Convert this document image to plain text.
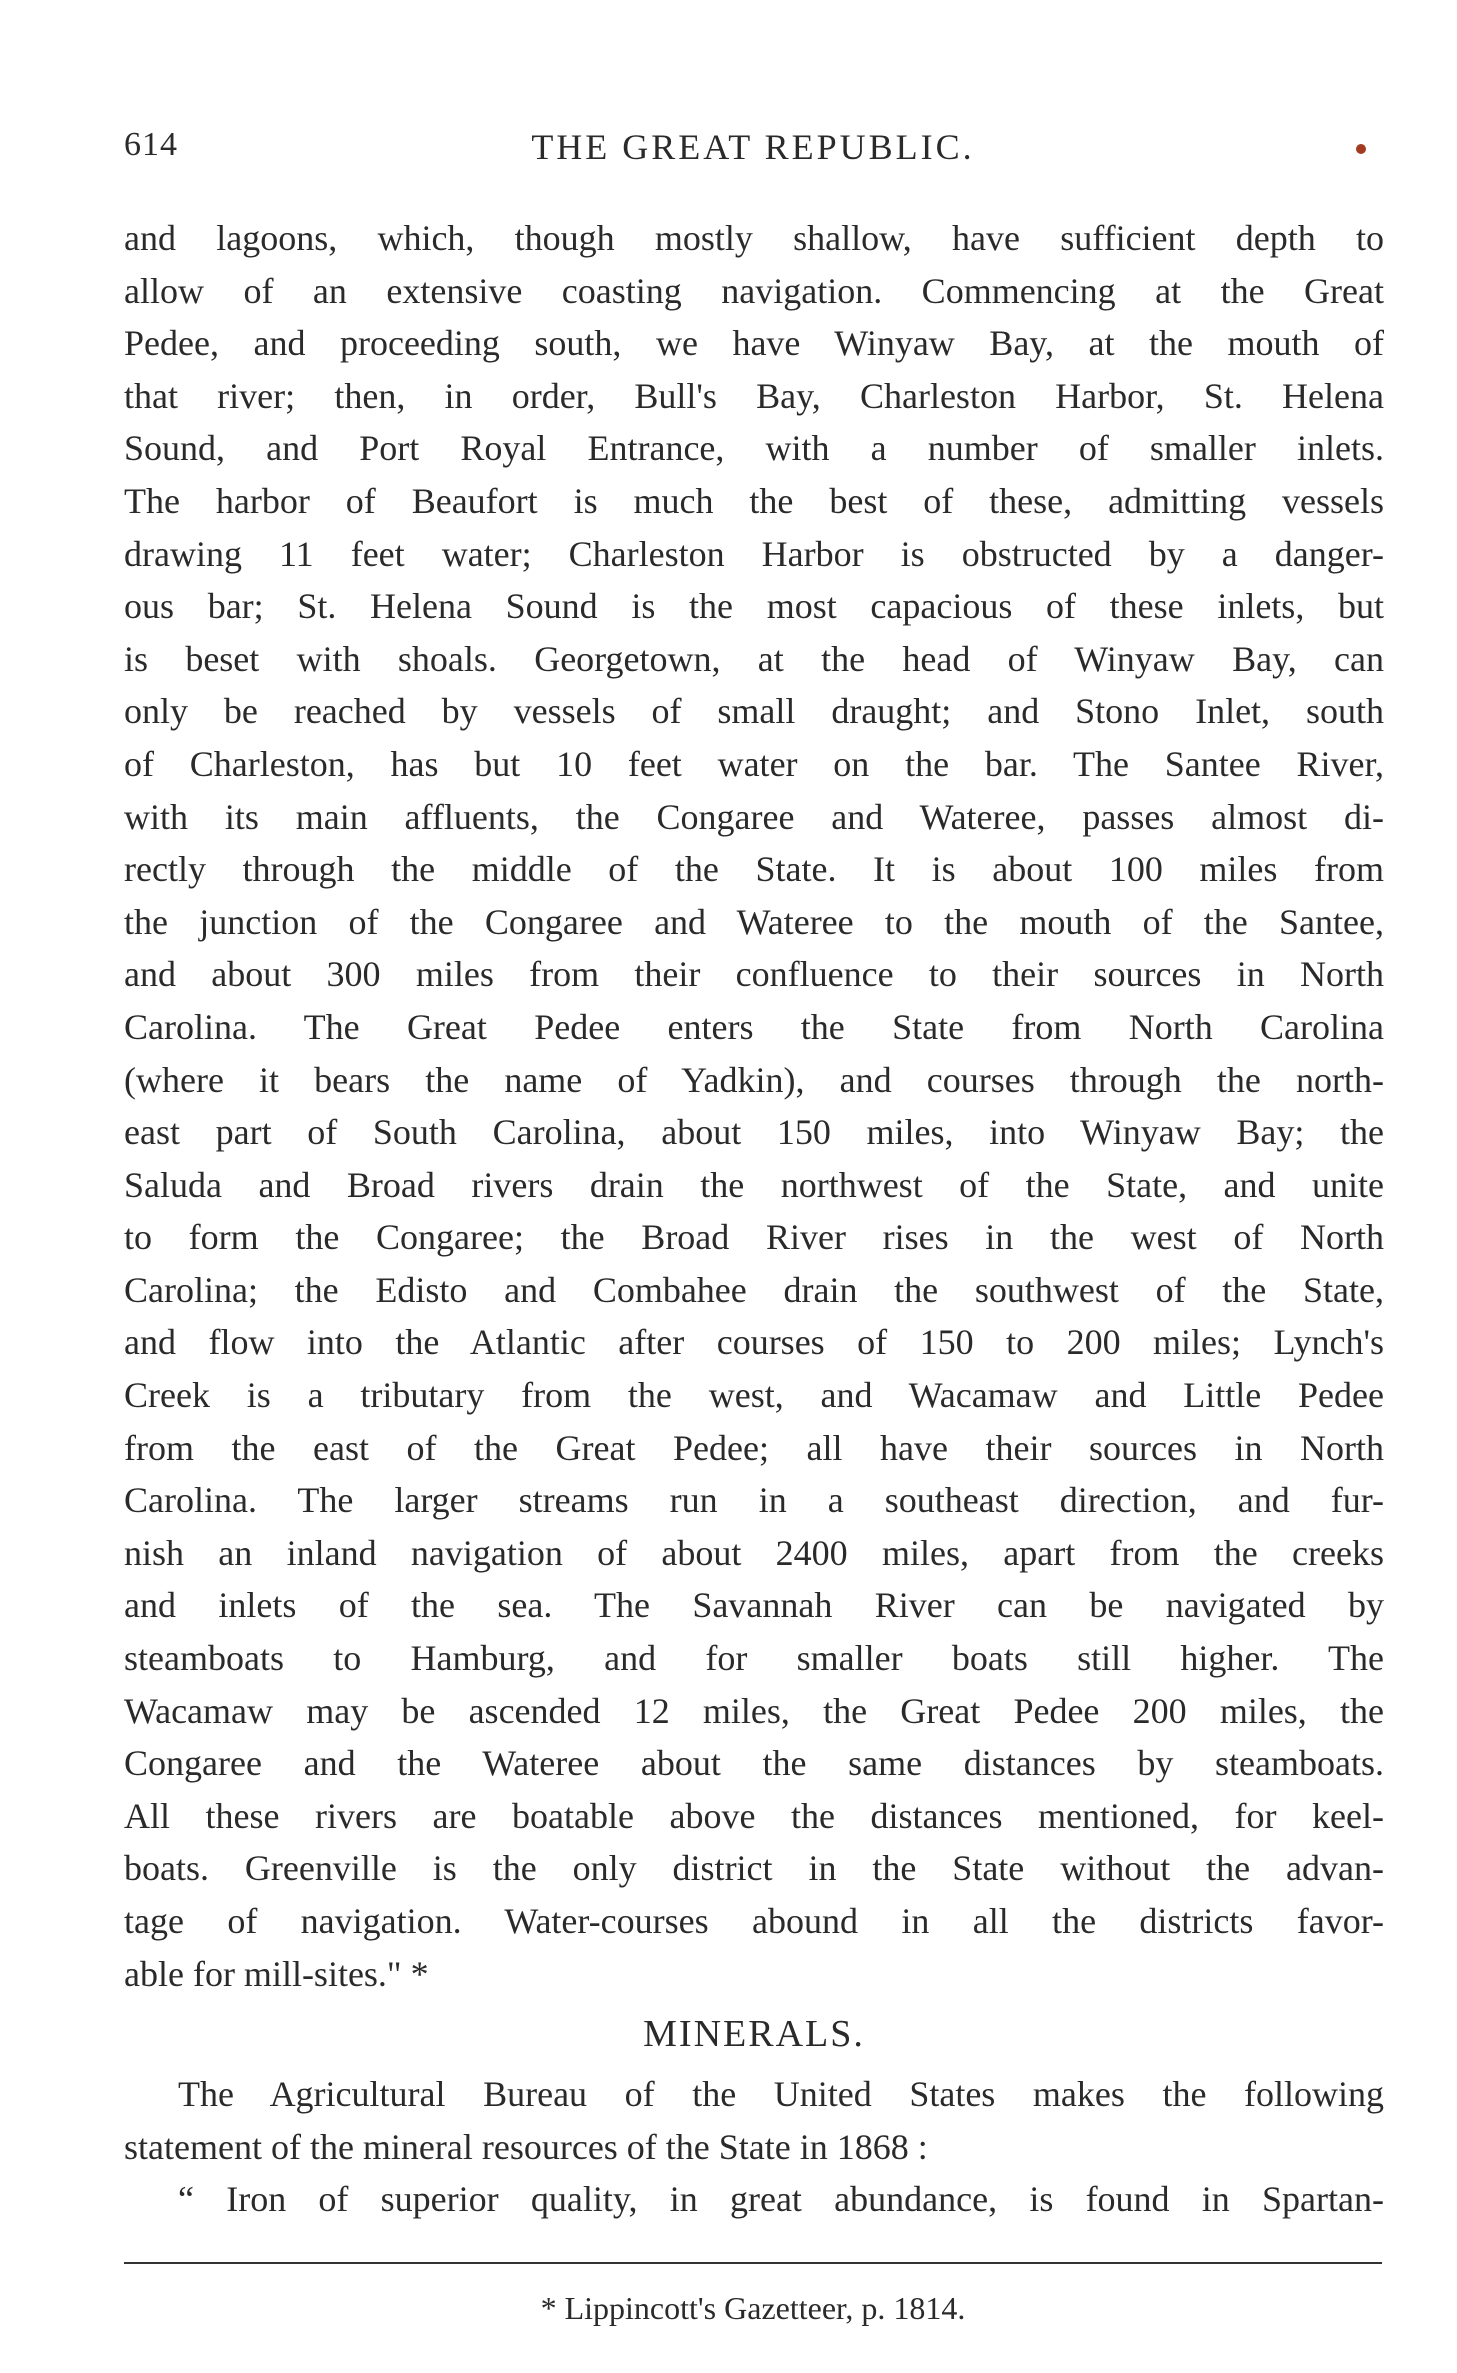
614	THE GREAT REPUBLIC.
and lagoons, which, though mostly shallow, have sufficient depth to
allow of an extensive coasting navigation. Commencing at the Great
Pedee, and proceeding south, we have Winyaw Bay, at the mouth of
that river; then, in order, Bull's Bay, Charleston Harbor, St. Helena
Sound, and Port Royal Entrance, with a number of smaller inlets.
The harbor of Beaufort is much the best of these, admitting vessels
drawing 11 feet water; Charleston Harbor is obstructed by a danger-
ous bar; St. Helena Sound is the most capacious of these inlets, but
is beset with shoals. Georgetown, at the head of Winyaw Bay, can
only be reached by vessels of small draught; and Stono Inlet, south
of Charleston, has but 10 feet water on the bar. The Santee River,
with its main affluents, the Congaree and Wateree, passes almost di-
rectly through the middle of the State. It is about 100 miles from
the junction of the Congaree and Wateree to the mouth of the Santee,
and about 300 miles from their confluence to their sources in North
Carolina. The Great Pedee enters the State from North Carolina
(where it bears the name of Yadkin), and courses through the north-
east part of South Carolina, about 150 miles, into Winyaw Bay; the
Saluda and Broad rivers drain the northwest of the State, and unite
to form the Congaree; the Broad River rises in the west of North
Carolina; the Edisto and Combahee drain the southwest of the State,
and flow into the Atlantic after courses of 150 to 200 miles; Lynch's
Creek is a tributary from the west, and Wacamaw and Little Pedee
from the east of the Great Pedee; all have their sources in North
Carolina. The larger streams run in a southeast direction, and fur-
nish an inland navigation of about 2400 miles, apart from the creeks
and inlets of the sea. The Savannah River can be navigated by
steamboats to Hamburg, and for smaller boats still higher. The
Wacamaw may be ascended 12 miles, the Great Pedee 200 miles, the
Congaree and the Wateree about the same distances by steamboats.
All these rivers are boatable above the distances mentioned, for keel-
boats. Greenville is the only district in the State without the advan-
tage of navigation. Water-courses abound in all the districts favor-
able for mill-sites." *
MINERALS.
The Agricultural Bureau of the United States makes the following
statement of the mineral resources of the State in 1868 :
“ Iron of superior quality, in great abundance, is found in Spartan-
* Lippincott's Gazetteer, p. 1814.
